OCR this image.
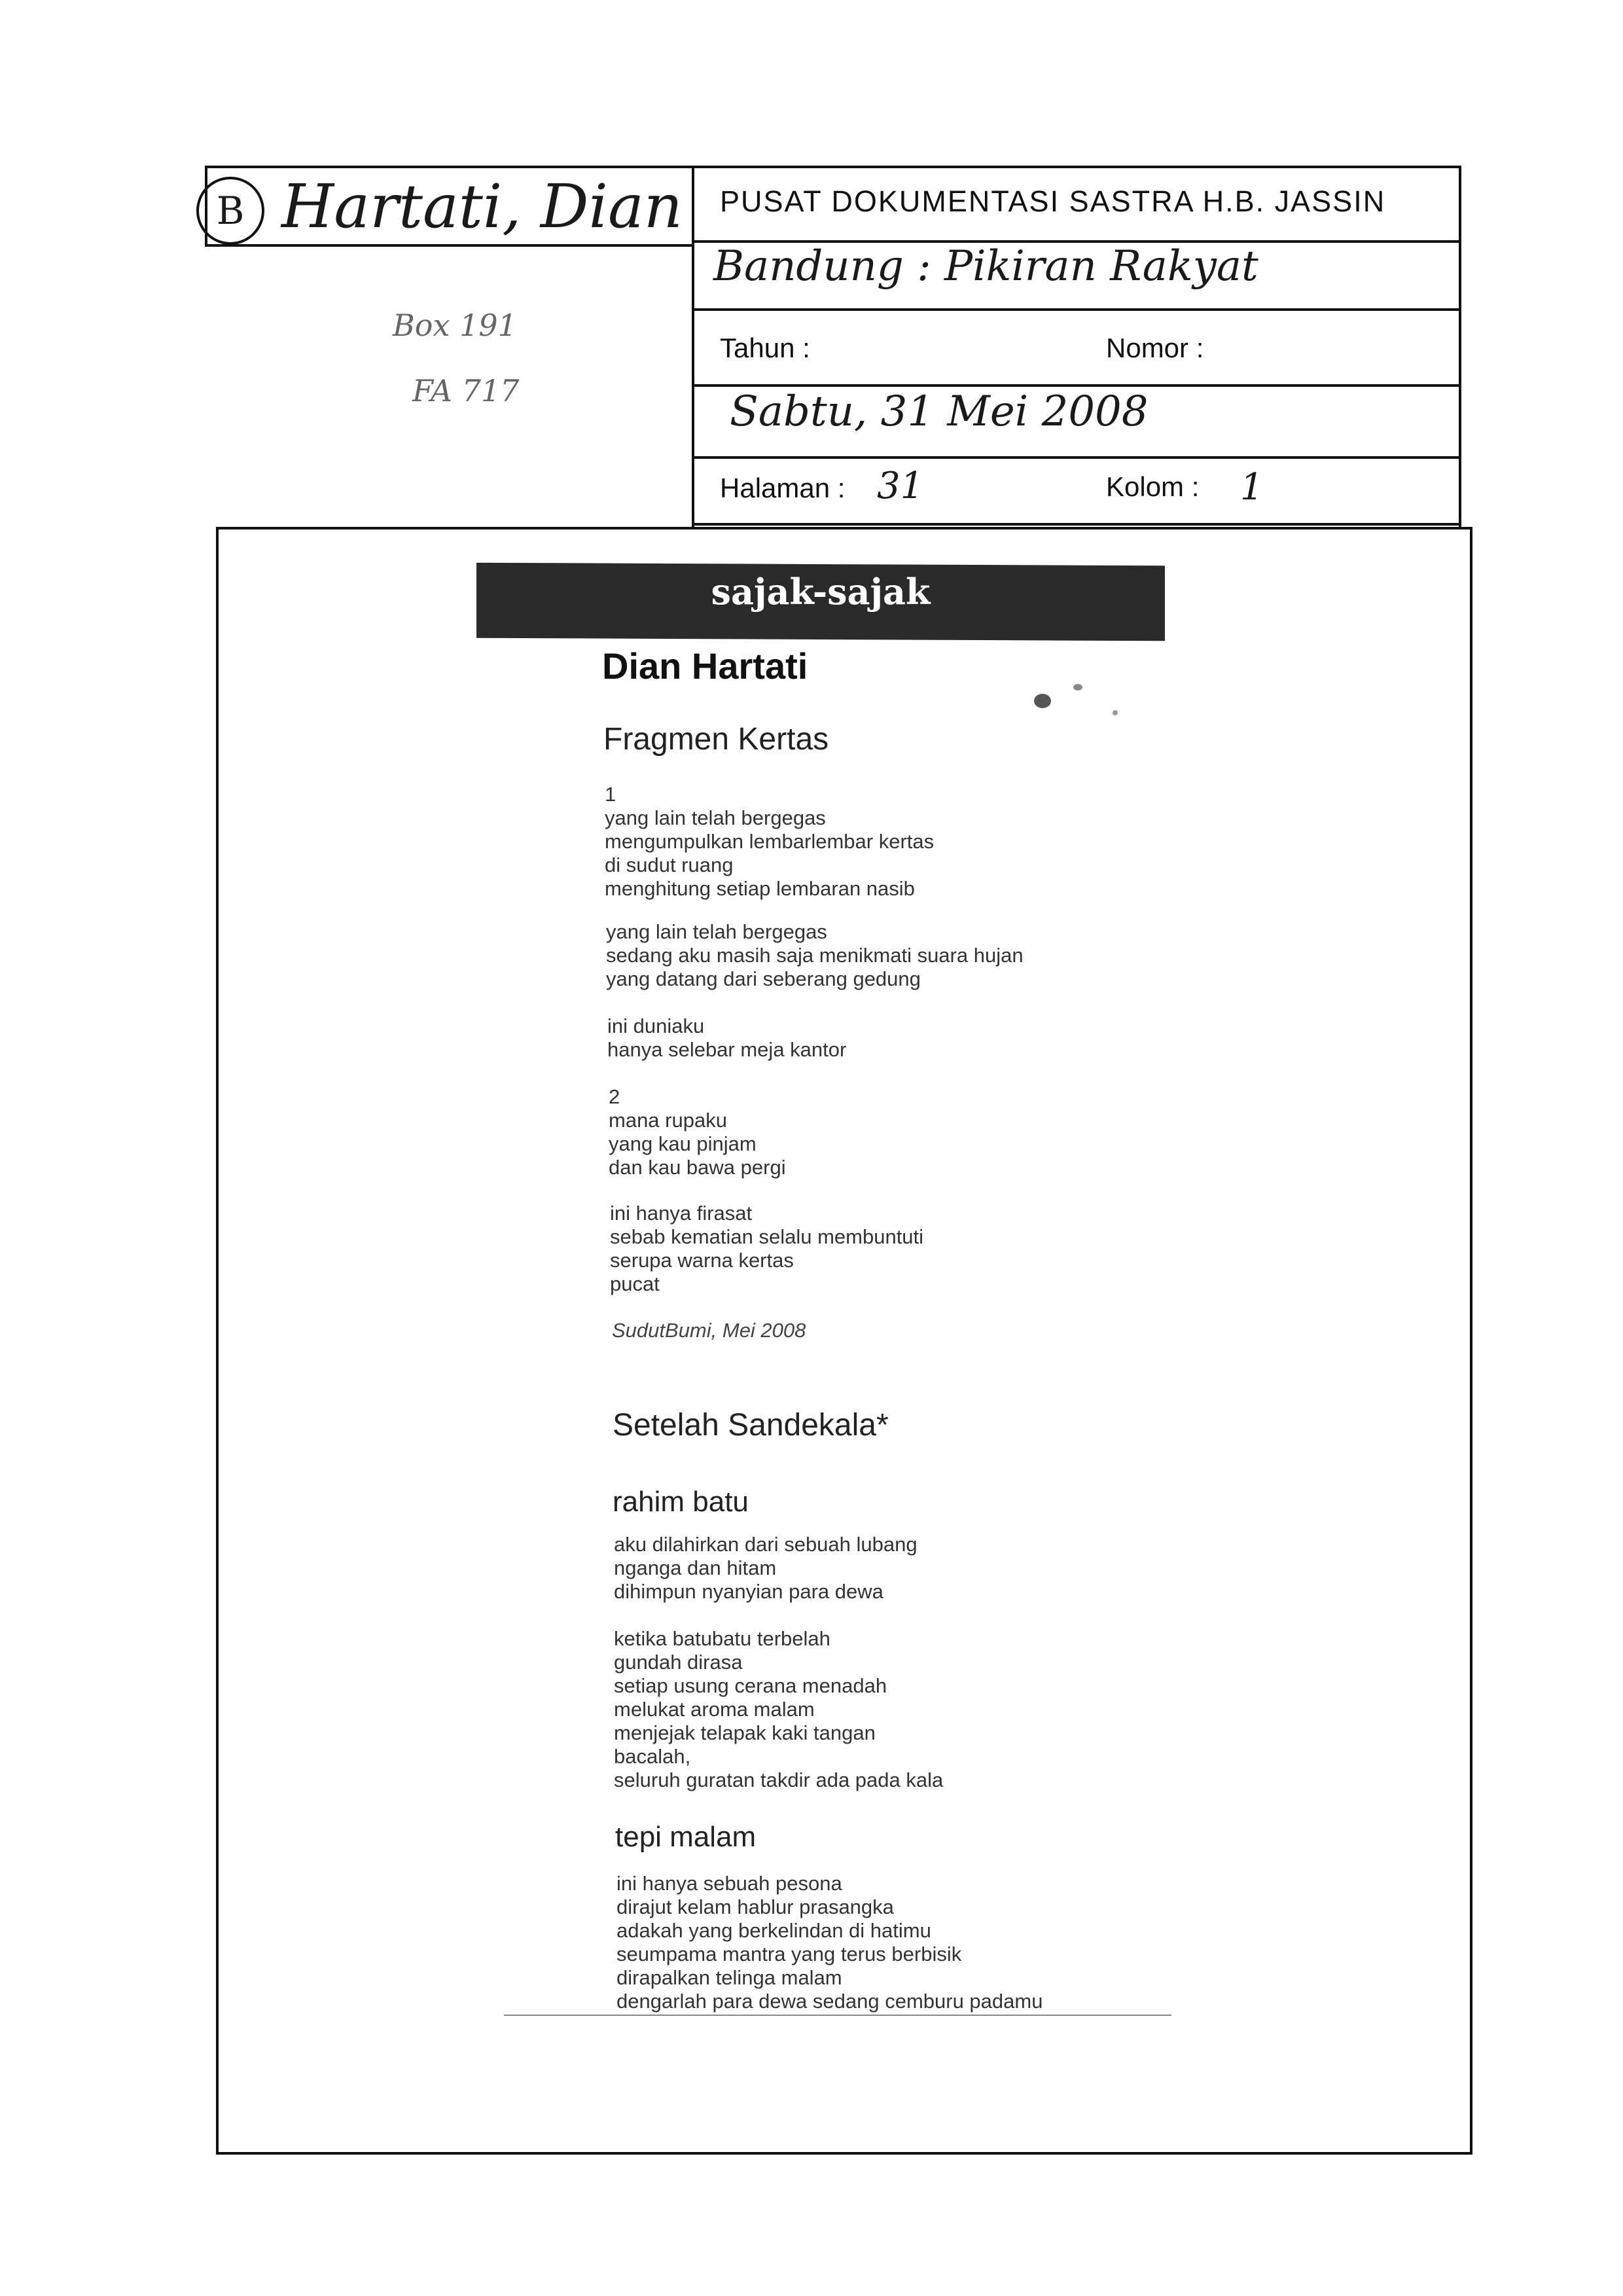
B Hartati, Dian
Box 191
FA 717
PUSAT DOKUMENTASI SASTRA H.B. JASSIN
Bandung : Pikiran Rakyat
Tahun :	Nomor :
Sabtu, 31 Mei 2008
Halaman : 31	Kolom : 1
sajak-sajak
Dian Hartati
Fragmen Kertas
1
yang lain telah bergegas
mengumpulkan lembarlembar kertas
di sudut ruang
menghitung setiap lembaran nasib
yang lain telah bergegas
sedang aku masih saja menikmati suara hujan
yang datang dari seberang gedung
ini duniaku
hanya selebar meja kantor
2
mana rupaku
yang kau pinjam
dan kau bawa pergi
ini hanya firasat
sebab kematian selalu membuntuti
serupa warna kertas
pucat
SudutBumi, Mei 2008
Setelah Sandekala*
rahim batu
aku dilahirkan dari sebuah lubang
nganga dan hitam
dihimpun nyanyian para dewa
ketika batubatu terbelah
gundah dirasa
setiap usung cerana menadah
melukat aroma malam
menjejak telapak kaki tangan
bacalah,
seluruh guratan takdir ada pada kala
tepi malam
ini hanya sebuah pesona
dirajut kelam hablur prasangka
adakah yang berkelindan di hatimu
seumpama mantra yang terus berbisik
dirapalkan telinga malam
dengarlah para dewa sedang cemburu padamu
